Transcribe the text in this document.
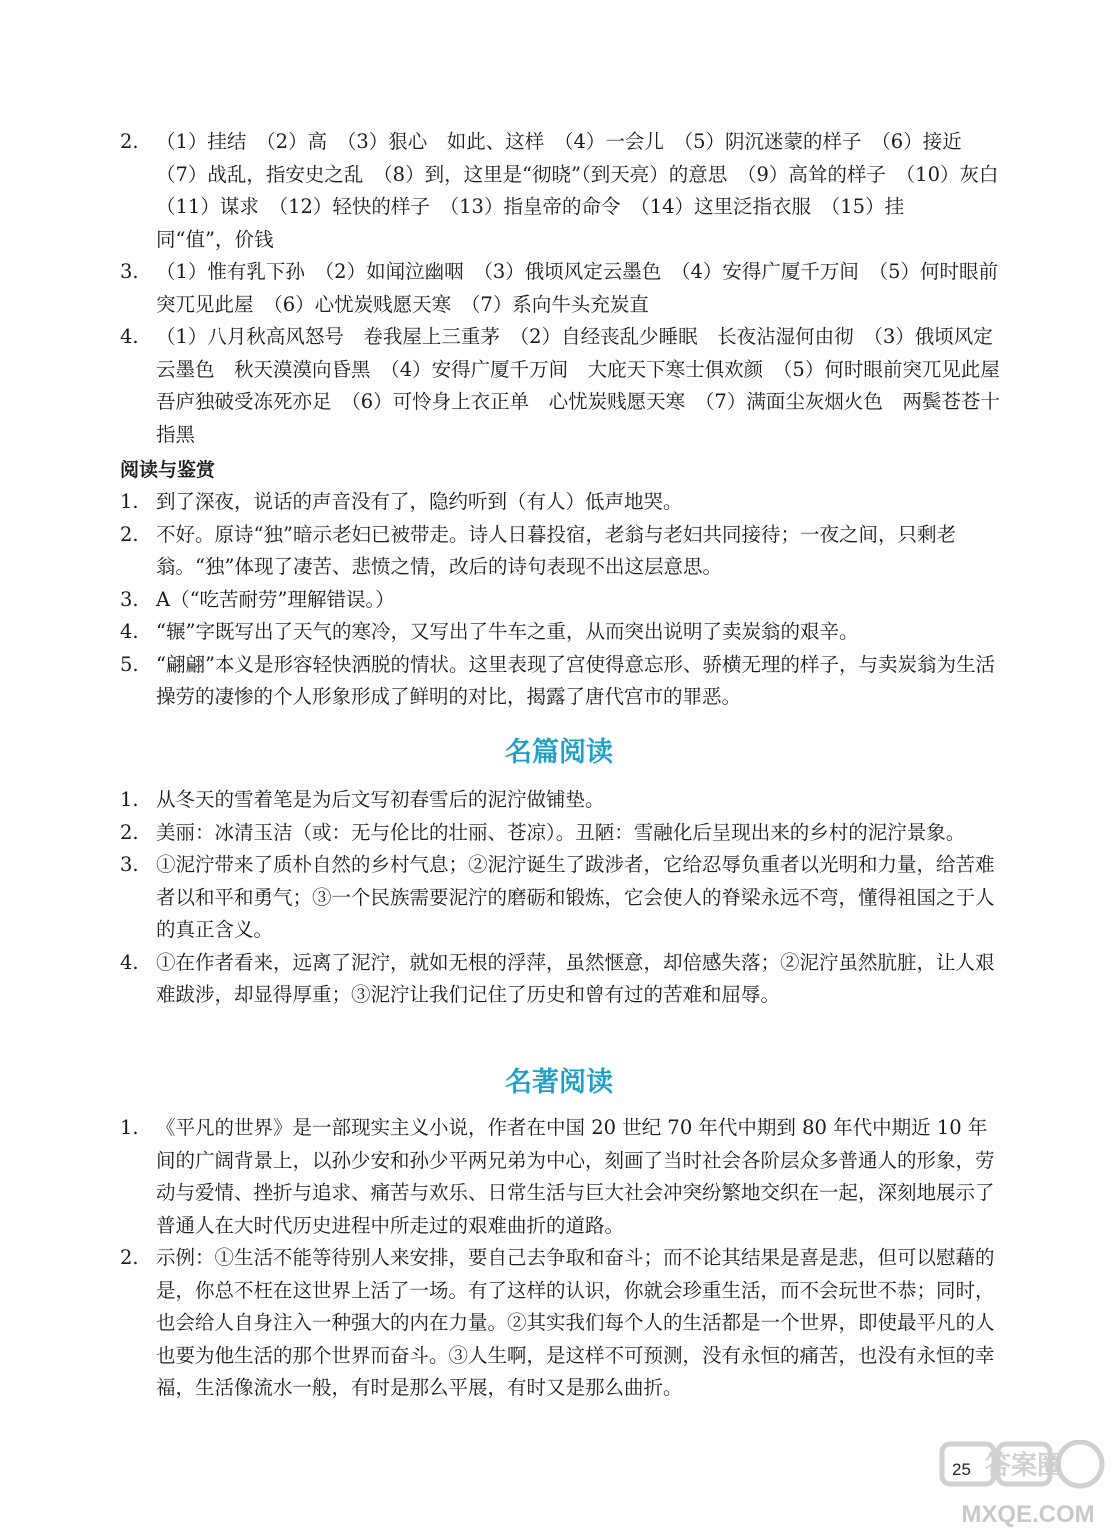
2. （1）挂结　（2）高　（3）狠心　如此、这样　（4）一会儿　（5）阴沉迷蒙的样子　（6）接近　（7）战乱，指安史之乱　（8）到，这里是“彻晓”（到天亮）的意思　（9）高耸的样子　（10）灰白　（11）谋求　（12）轻快的样子　（13）指皇帝的命令　（14）这里泛指衣服　（15）挂　同“值”，价钱
3. （1）惟有乳下孙　（2）如闻泣幽咽　（3）俄顷风定云墨色　（4）安得广厦千万间　（5）何时眼前突兀见此屋　（6）心忧炭贱愿天寒　（7）系向牛头充炭直
4. （1）八月秋高风怒号　卷我屋上三重茅　（2）自经丧乱少睡眠　长夜沾湿何由彻　（3）俄顷风定云墨色　秋天漠漠向昏黑　（4）安得广厦千万间　大庇天下寒士俱欢颜　（5）何时眼前突兀见此屋　吾庐独破受冻死亦足　（6）可怜身上衣正单　心忧炭贱愿天寒　（7）满面尘灰烟火色　两鬓苍苍十指黑

阅读与鉴赏

1. 到了深夜，说话的声音没有了，隐约听到（有人）低声地哭。
2. 不好。原诗“独”暗示老妇已被带走。诗人日暮投宿，老翁与老妇共同接待；一夜之间，只剩老翁。“独”体现了凄苦、悲愤之情，改后的诗句表现不出这层意思。
3. A（“吃苦耐劳”理解错误。）
4. “辗”字既写出了天气的寒冷，又写出了牛车之重，从而突出说明了卖炭翁的艰辛。
5. “翩翩”本义是形容轻快洒脱的情状。这里表现了宫使得意忘形、骄横无理的样子，与卖炭翁为生活操劳的凄惨的个人形象形成了鲜明的对比，揭露了唐代宫市的罪恶。

名篇阅读

1. 从冬天的雪着笔是为后文写初春雪后的泥泞做铺垫。
2. 美丽：冰清玉洁（或：无与伦比的壮丽、苍凉）。丑陋：雪融化后呈现出来的乡村的泥泞景象。
3. ①泥泞带来了质朴自然的乡村气息；②泥泞诞生了跋涉者，它给忍辱负重者以光明和力量，给苦难者以和平和勇气；③一个民族需要泥泞的磨砺和锻炼，它会使人的脊梁永远不弯，懂得祖国之于人的真正含义。
4. ①在作者看来，远离了泥泞，就如无根的浮萍，虽然惬意，却倍感失落；②泥泞虽然肮脏，让人艰难跋涉，却显得厚重；③泥泞让我们记住了历史和曾有过的苦难和屈辱。

名著阅读

1. 《平凡的世界》是一部现实主义小说，作者在中国 20 世纪 70 年代中期到 80 年代中期近 10 年间的广阔背景上，以孙少安和孙少平两兄弟为中心，刻画了当时社会各阶层众多普通人的形象，劳动与爱情、挫折与追求、痛苦与欢乐、日常生活与巨大社会冲突纷繁地交织在一起，深刻地展示了普通人在大时代历史进程中所走过的艰难曲折的道路。
2. 示例：①生活不能等待别人来安排，要自己去争取和奋斗；而不论其结果是喜是悲，但可以慰藉的是，你总不枉在这世界上活了一场。有了这样的认识，你就会珍重生活，而不会玩世不恭；同时，也会给人自身注入一种强大的内在力量。②其实我们每个人的生活都是一个世界，即使最平凡的人也要为他生活的那个世界而奋斗。③人生啊，是这样不可预测，没有永恒的痛苦，也没有永恒的幸福，生活像流水一般，有时是那么平展，有时又是那么曲折。
答案圈
MXQE.COM
25
